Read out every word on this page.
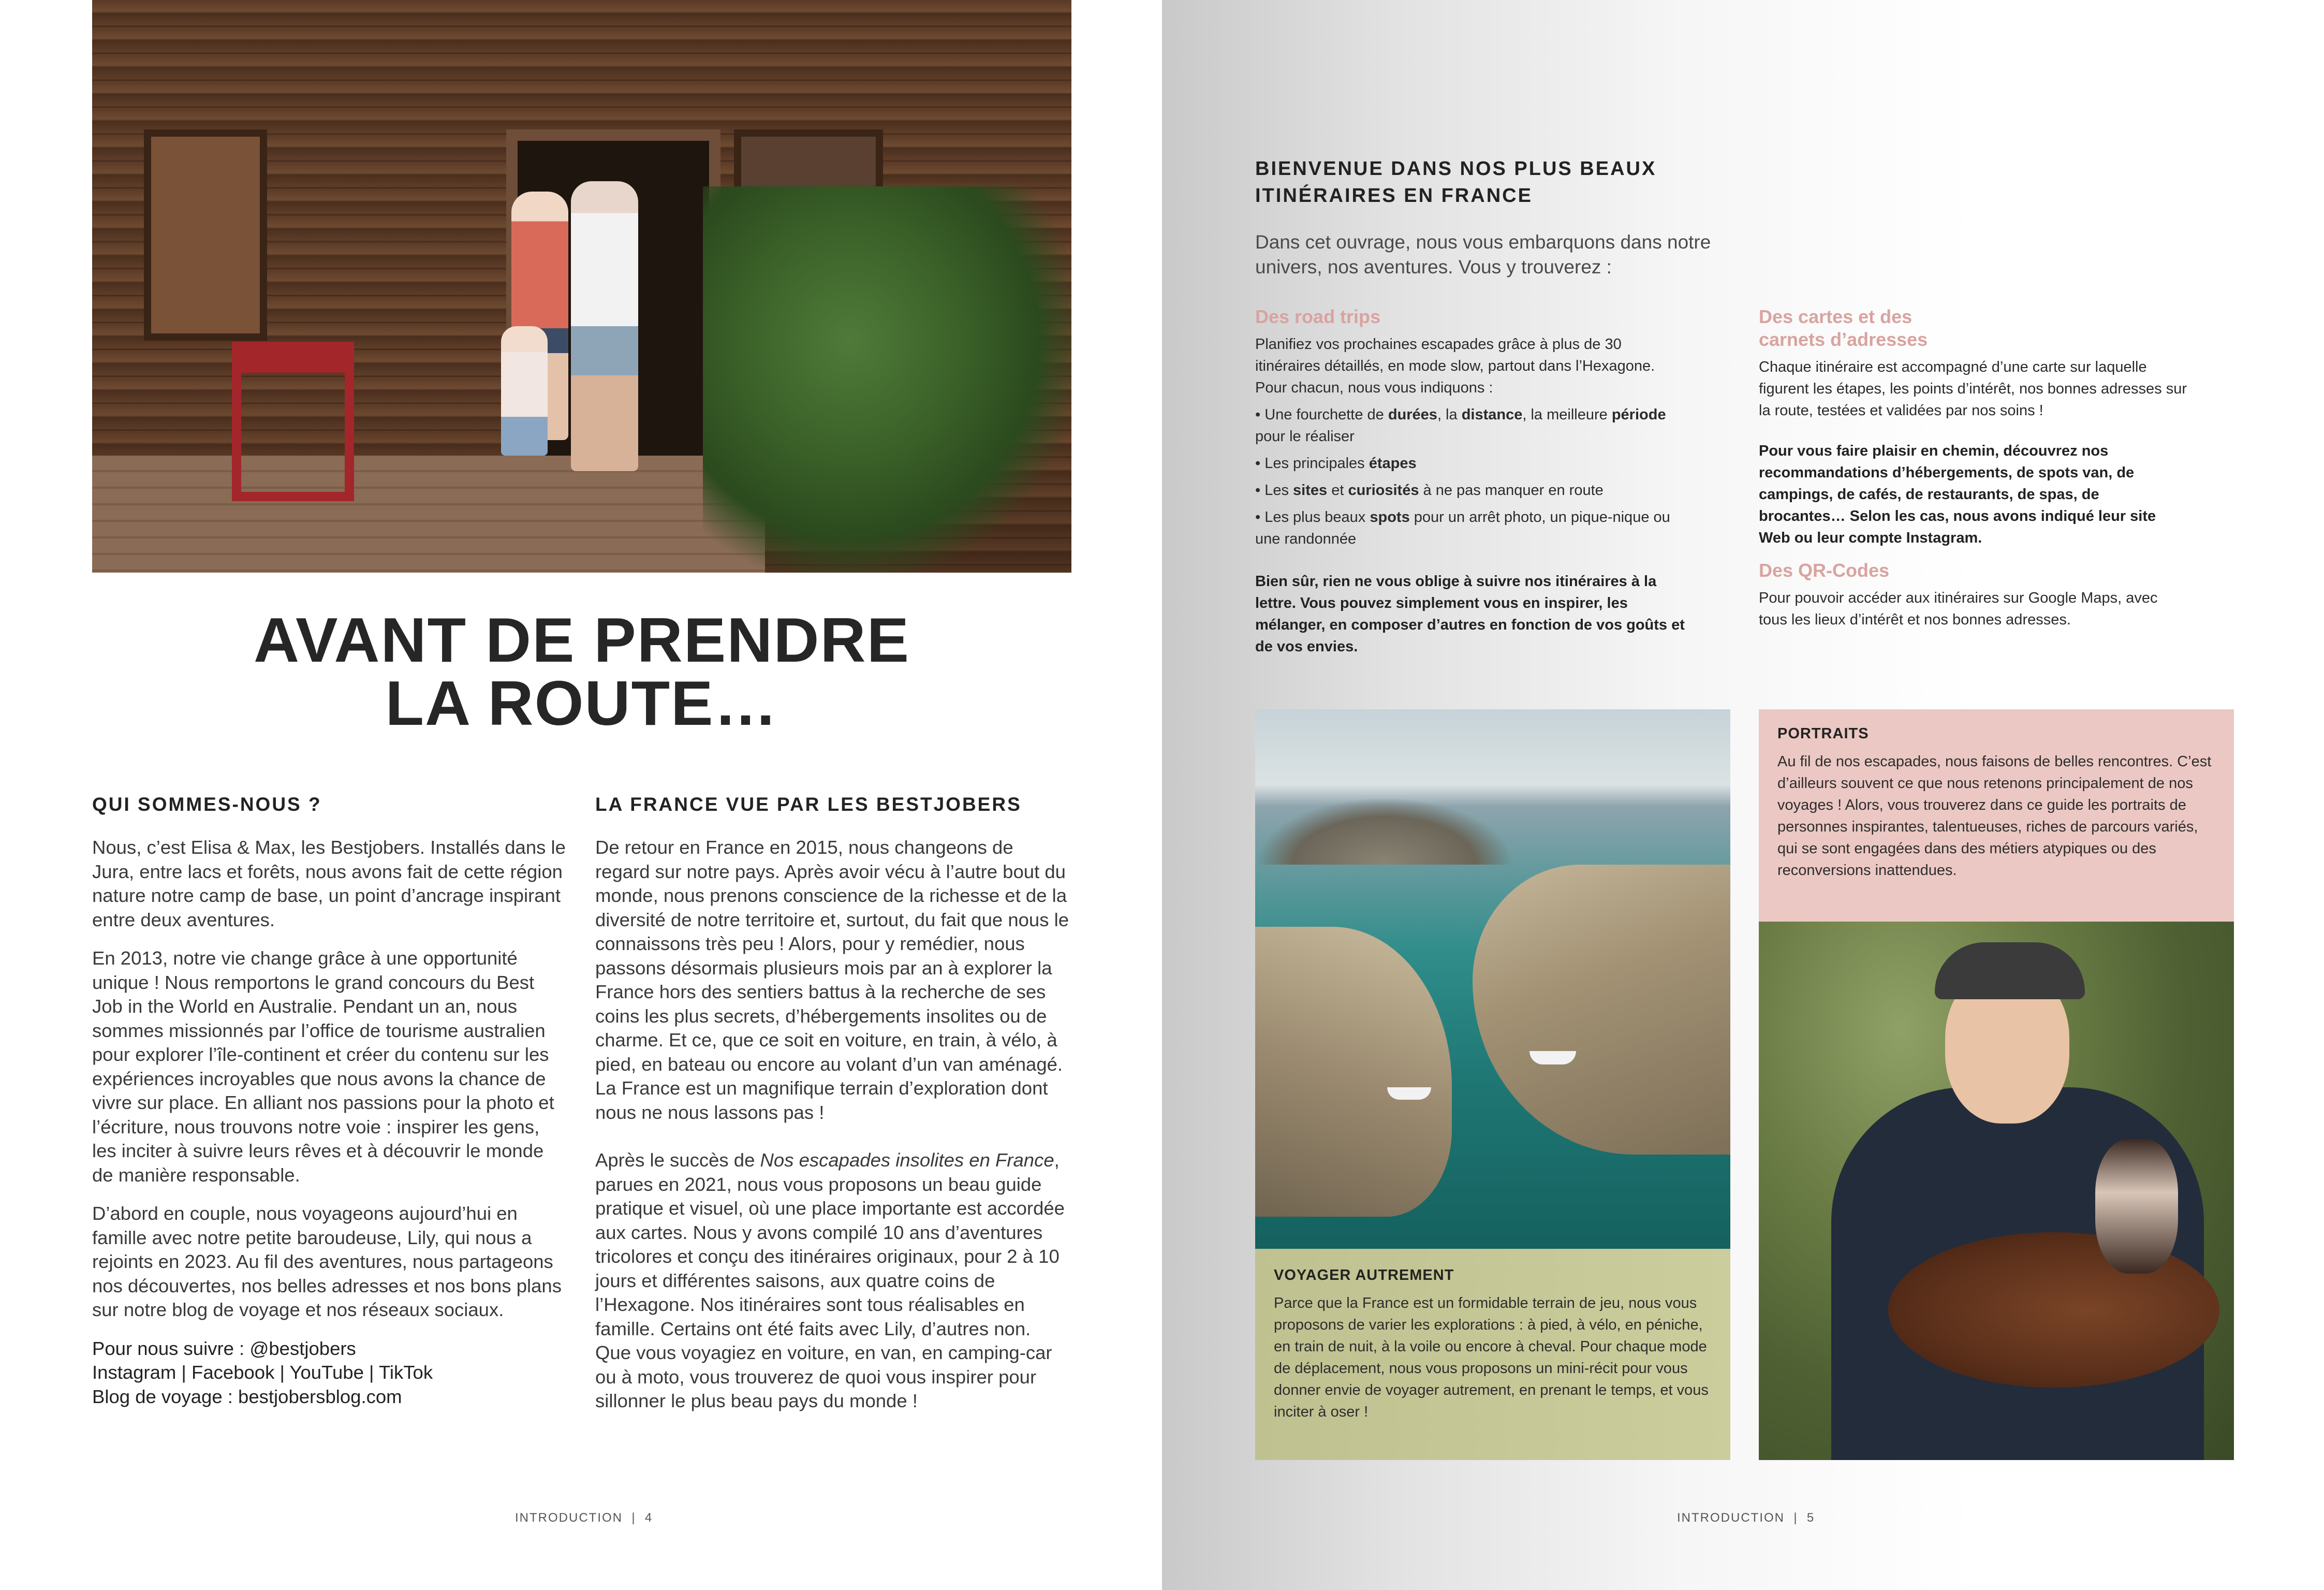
AVANT DE PRENDRE
LA ROUTE…
QUI SOMMES-NOUS ?

Nous, c’est Elisa & Max, les Bestjobers. Installés dans le Jura, entre lacs et forêts, nous avons fait de cette région nature notre camp de base, un point d’ancrage inspirant entre deux aventures.

En 2013, notre vie change grâce à une opportunité unique ! Nous remportons le grand concours du Best Job in the World en Australie. Pendant un an, nous sommes missionnés par l’office de tourisme australien pour explorer l’île-continent et créer du contenu sur les expériences incroyables que nous avons la chance de vivre sur place. En alliant nos passions pour la photo et l’écriture, nous trouvons notre voie : inspirer les gens, les inciter à suivre leurs rêves et à découvrir le monde de manière responsable.

D’abord en couple, nous voyageons aujourd’hui en famille avec notre petite baroudeuse, Lily, qui nous a rejoints en 2023. Au fil des aventures, nous partageons nos découvertes, nos belles adresses et nos bons plans sur notre blog de voyage et nos réseaux sociaux.

Pour nous suivre : @bestjobers

Instagram | Facebook | YouTube | TikTok

Blog de voyage : bestjobersblog.com

LA FRANCE VUE PAR LES BESTJOBERS

De retour en France en 2015, nous changeons de regard sur notre pays. Après avoir vécu à l’autre bout du monde, nous prenons conscience de la richesse et de la diversité de notre territoire et, surtout, du fait que nous le connaissons très peu ! Alors, pour y remédier, nous passons désormais plusieurs mois par an à explorer la France hors des sentiers battus à la recherche de ses coins les plus secrets, d’hébergements insolites ou de charme. Et ce, que ce soit en voiture, en train, à vélo, à pied, en bateau ou encore au volant d’un van aménagé. La France est un magnifique terrain d’exploration dont nous ne nous lassons pas !

Après le succès de Nos escapades insolites en France, parues en 2021, nous vous proposons un beau guide pratique et visuel, où une place importante est accordée aux cartes. Nous y avons compilé 10 ans d’aventures tricolores et conçu des itinéraires originaux, pour 2 à 10 jours et différentes saisons, aux quatre coins de l’Hexagone. Nos itinéraires sont tous réalisables en famille. Certains ont été faits avec Lily, d’autres non. Que vous voyagiez en voiture, en van, en camping-car ou à moto, vous trouverez de quoi vous inspirer pour sillonner le plus beau pays du monde !

INTRODUCTION  |  4
BIENVENUE DANS NOS PLUS BEAUX ITINÉRAIRES EN FRANCE

Dans cet ouvrage, nous vous embarquons dans notre univers, nos aventures. Vous y trouverez :

Des road trips

Planifiez vos prochaines escapades grâce à plus de 30 itinéraires détaillés, en mode slow, partout dans l’Hexagone. Pour chacun, nous vous indiquons :

• Une fourchette de durées, la distance, la meilleure période pour le réaliser
• Les principales étapes
• Les sites et curiosités à ne pas manquer en route
• Les plus beaux spots pour un arrêt photo, un pique-nique ou une randonnée

Bien sûr, rien ne vous oblige à suivre nos itinéraires à la lettre. Vous pouvez simplement vous en inspirer, les mélanger, en composer d’autres en fonction de vos goûts et de vos envies.

Des cartes et des carnets d’adresses

Chaque itinéraire est accompagné d’une carte sur laquelle figurent les étapes, les points d’intérêt, nos bonnes adresses sur la route, testées et validées par nos soins !

Pour vous faire plaisir en chemin, découvrez nos recommandations d’hébergements, de spots van, de campings, de cafés, de restaurants, de spas, de brocantes… Selon les cas, nous avons indiqué leur site Web ou leur compte Instagram.

Des QR-Codes

Pour pouvoir accéder aux itinéraires sur Google Maps, avec tous les lieux d’intérêt et nos bonnes adresses.

VOYAGER AUTREMENT

Parce que la France est un formidable terrain de jeu, nous vous proposons de varier les explorations : à pied, à vélo, en péniche, en train de nuit, à la voile ou encore à cheval. Pour chaque mode de déplacement, nous vous proposons un mini-récit pour vous donner envie de voyager autrement, en prenant le temps, et vous inciter à oser !

PORTRAITS

Au fil de nos escapades, nous faisons de belles rencontres. C’est d’ailleurs souvent ce que nous retenons principalement de nos voyages ! Alors, vous trouverez dans ce guide les portraits de personnes inspirantes, talentueuses, riches de parcours variés, qui se sont engagées dans des métiers atypiques ou des reconversions inattendues.

INTRODUCTION  |  5
